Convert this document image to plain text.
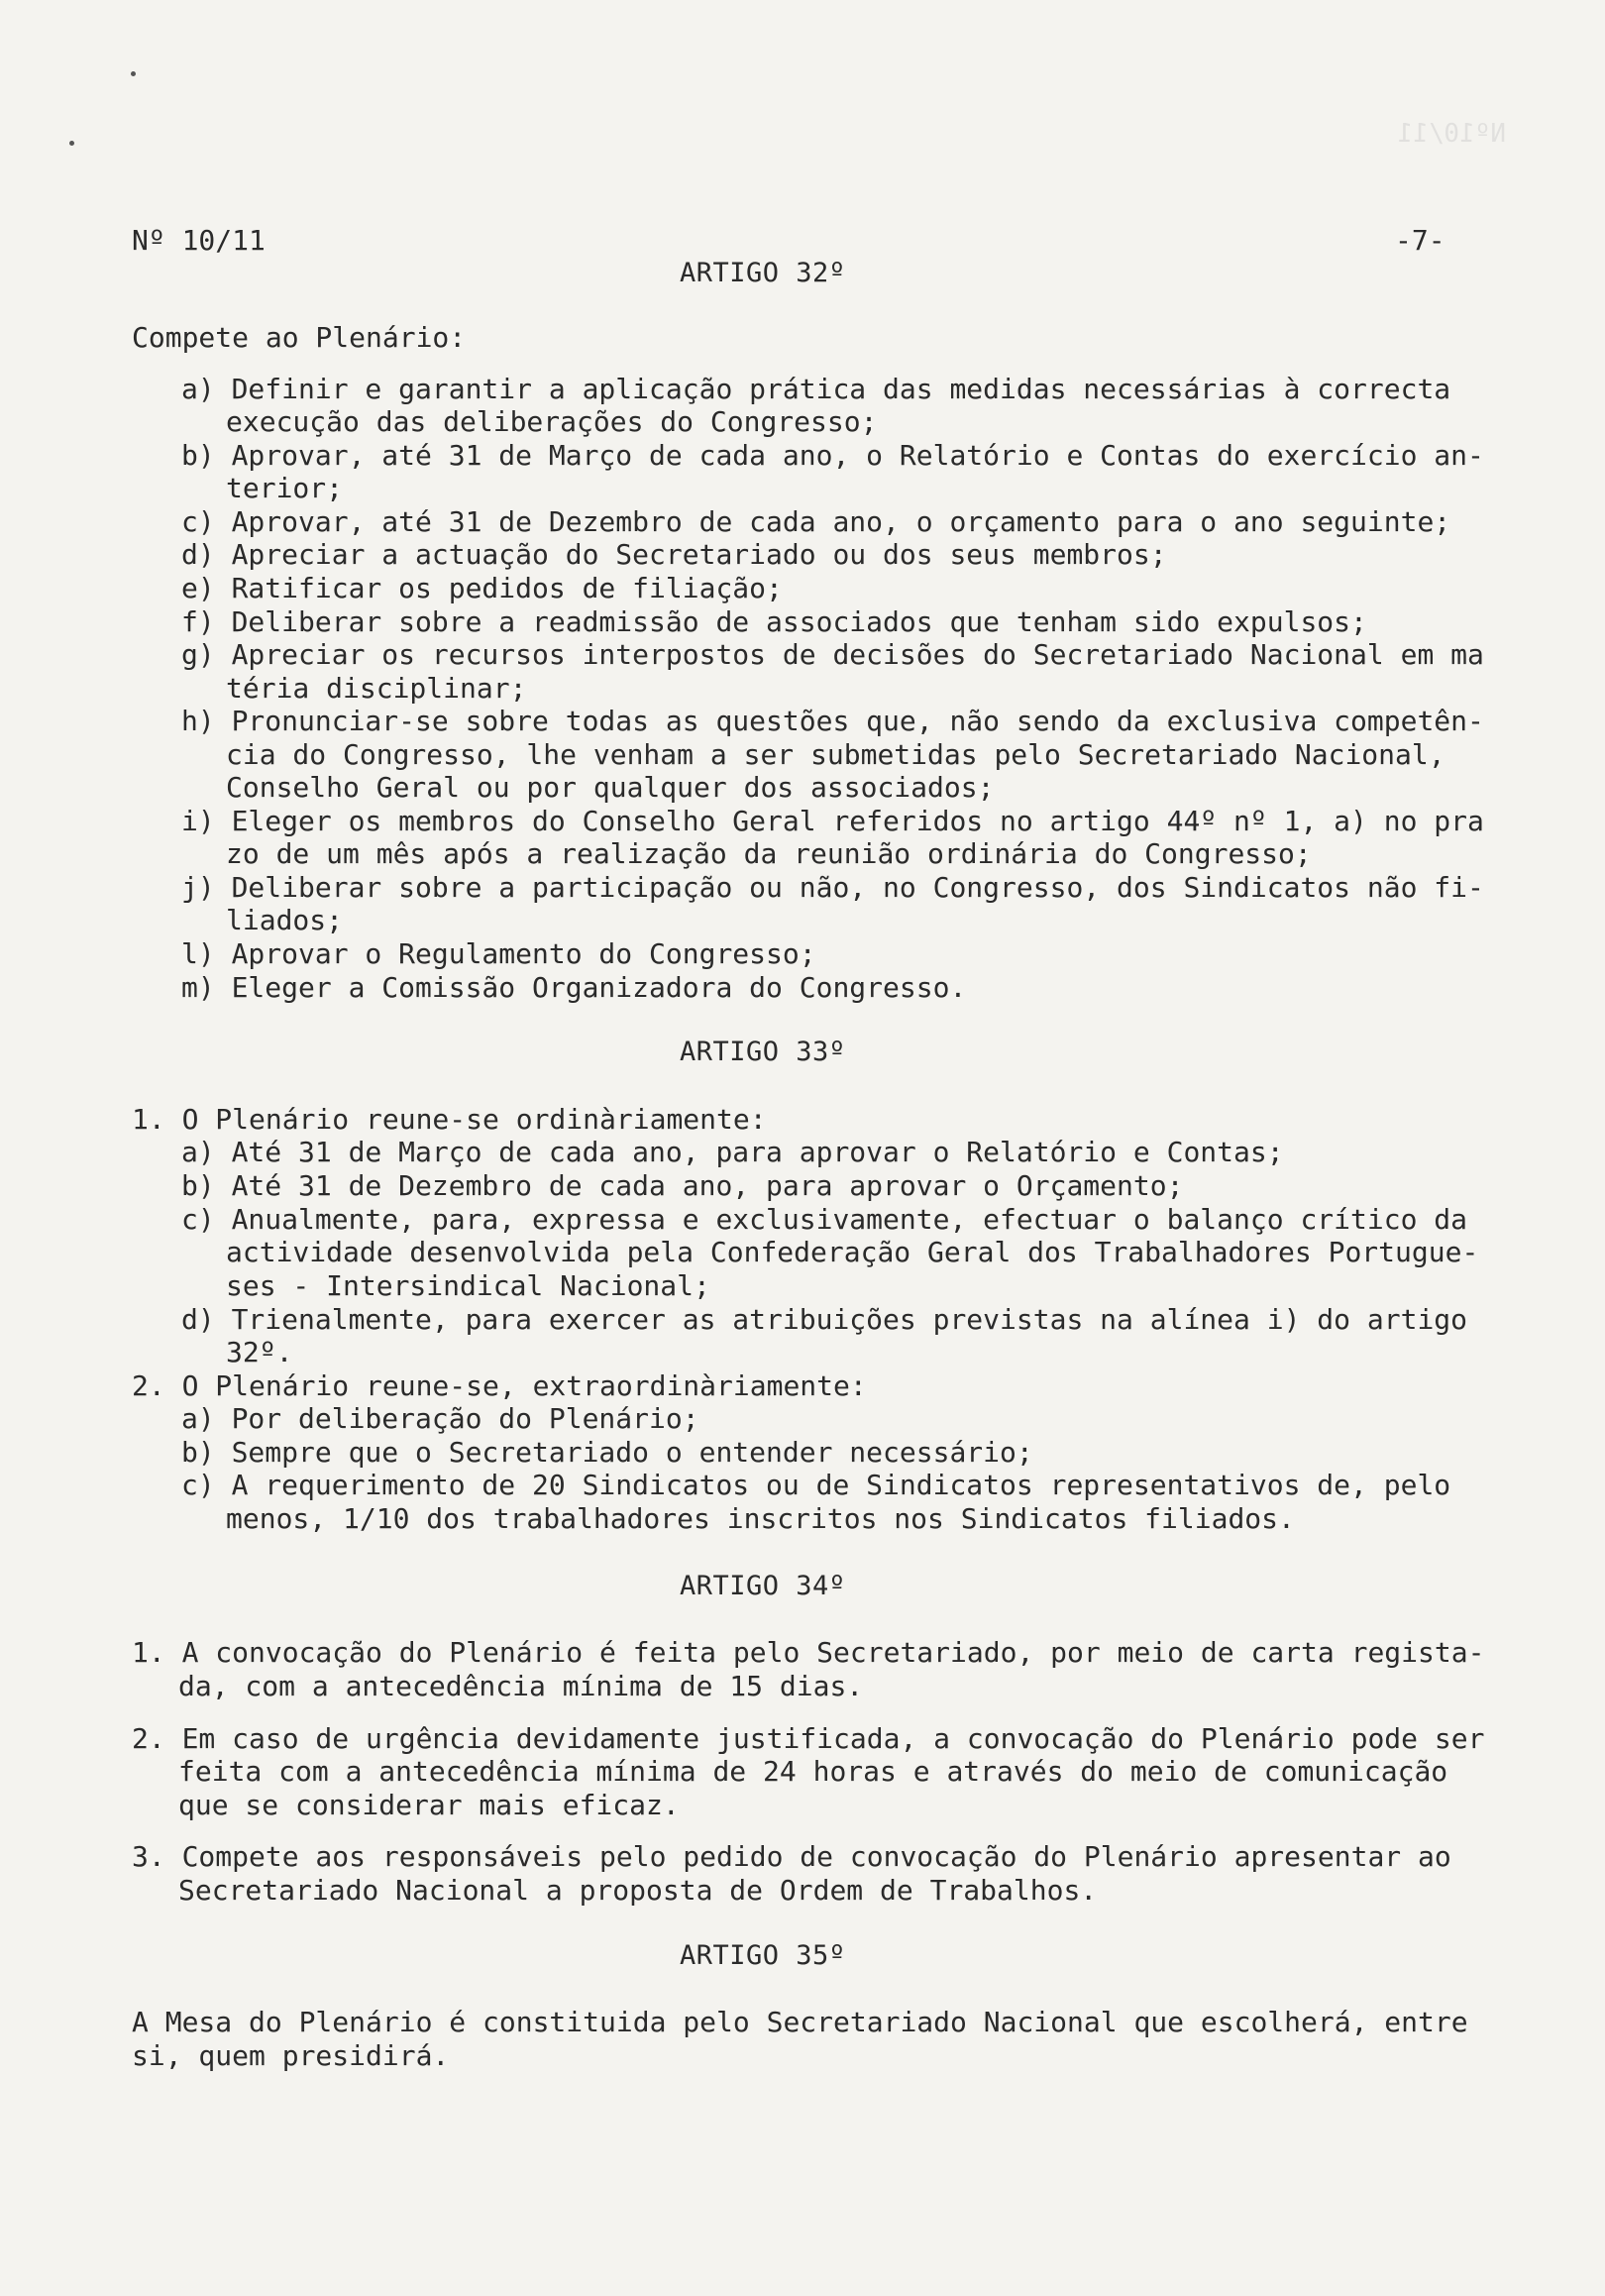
Nº10/11
Nº 10/11	-7-
ARTIGO 32º
Compete ao Plenário:
a) Definir e garantir a aplicação prática das medidas necessárias à correcta
execução das deliberações do Congresso;
b) Aprovar, até 31 de Março de cada ano, o Relatório e Contas do exercício an-
terior;
c) Aprovar, até 31 de Dezembro de cada ano, o orçamento para o ano seguinte;
d) Apreciar a actuação do Secretariado ou dos seus membros;
e) Ratificar os pedidos de filiação;
f) Deliberar sobre a readmissão de associados que tenham sido expulsos;
g) Apreciar os recursos interpostos de decisões do Secretariado Nacional em ma
téria disciplinar;
h) Pronunciar-se sobre todas as questões que, não sendo da exclusiva competên-
cia do Congresso, lhe venham a ser submetidas pelo Secretariado Nacional,
Conselho Geral ou por qualquer dos associados;
i) Eleger os membros do Conselho Geral referidos no artigo 44º nº 1, a) no pra
zo de um mês após a realização da reunião ordinária do Congresso;
j) Deliberar sobre a participação ou não, no Congresso, dos Sindicatos não fi-
liados;
l) Aprovar o Regulamento do Congresso;
m) Eleger a Comissão Organizadora do Congresso.
ARTIGO 33º
1. O Plenário reune-se ordinàriamente:
a) Até 31 de Março de cada ano, para aprovar o Relatório e Contas;
b) Até 31 de Dezembro de cada ano, para aprovar o Orçamento;
c) Anualmente, para, expressa e exclusivamente, efectuar o balanço crítico da
actividade desenvolvida pela Confederação Geral dos Trabalhadores Portugue-
ses - Intersindical Nacional;
d) Trienalmente, para exercer as atribuições previstas na alínea i) do artigo
32º.
2. O Plenário reune-se, extraordinàriamente:
a) Por deliberação do Plenário;
b) Sempre que o Secretariado o entender necessário;
c) A requerimento de 20 Sindicatos ou de Sindicatos representativos de, pelo
menos, 1/10 dos trabalhadores inscritos nos Sindicatos filiados.
ARTIGO 34º
1. A convocação do Plenário é feita pelo Secretariado, por meio de carta regista-
da, com a antecedência mínima de 15 dias.
2. Em caso de urgência devidamente justificada, a convocação do Plenário pode ser
feita com a antecedência mínima de 24 horas e através do meio de comunicação
que se considerar mais eficaz.
3. Compete aos responsáveis pelo pedido de convocação do Plenário apresentar ao
Secretariado Nacional a proposta de Ordem de Trabalhos.
ARTIGO 35º
A Mesa do Plenário é constituida pelo Secretariado Nacional que escolherá, entre
si, quem presidirá.
